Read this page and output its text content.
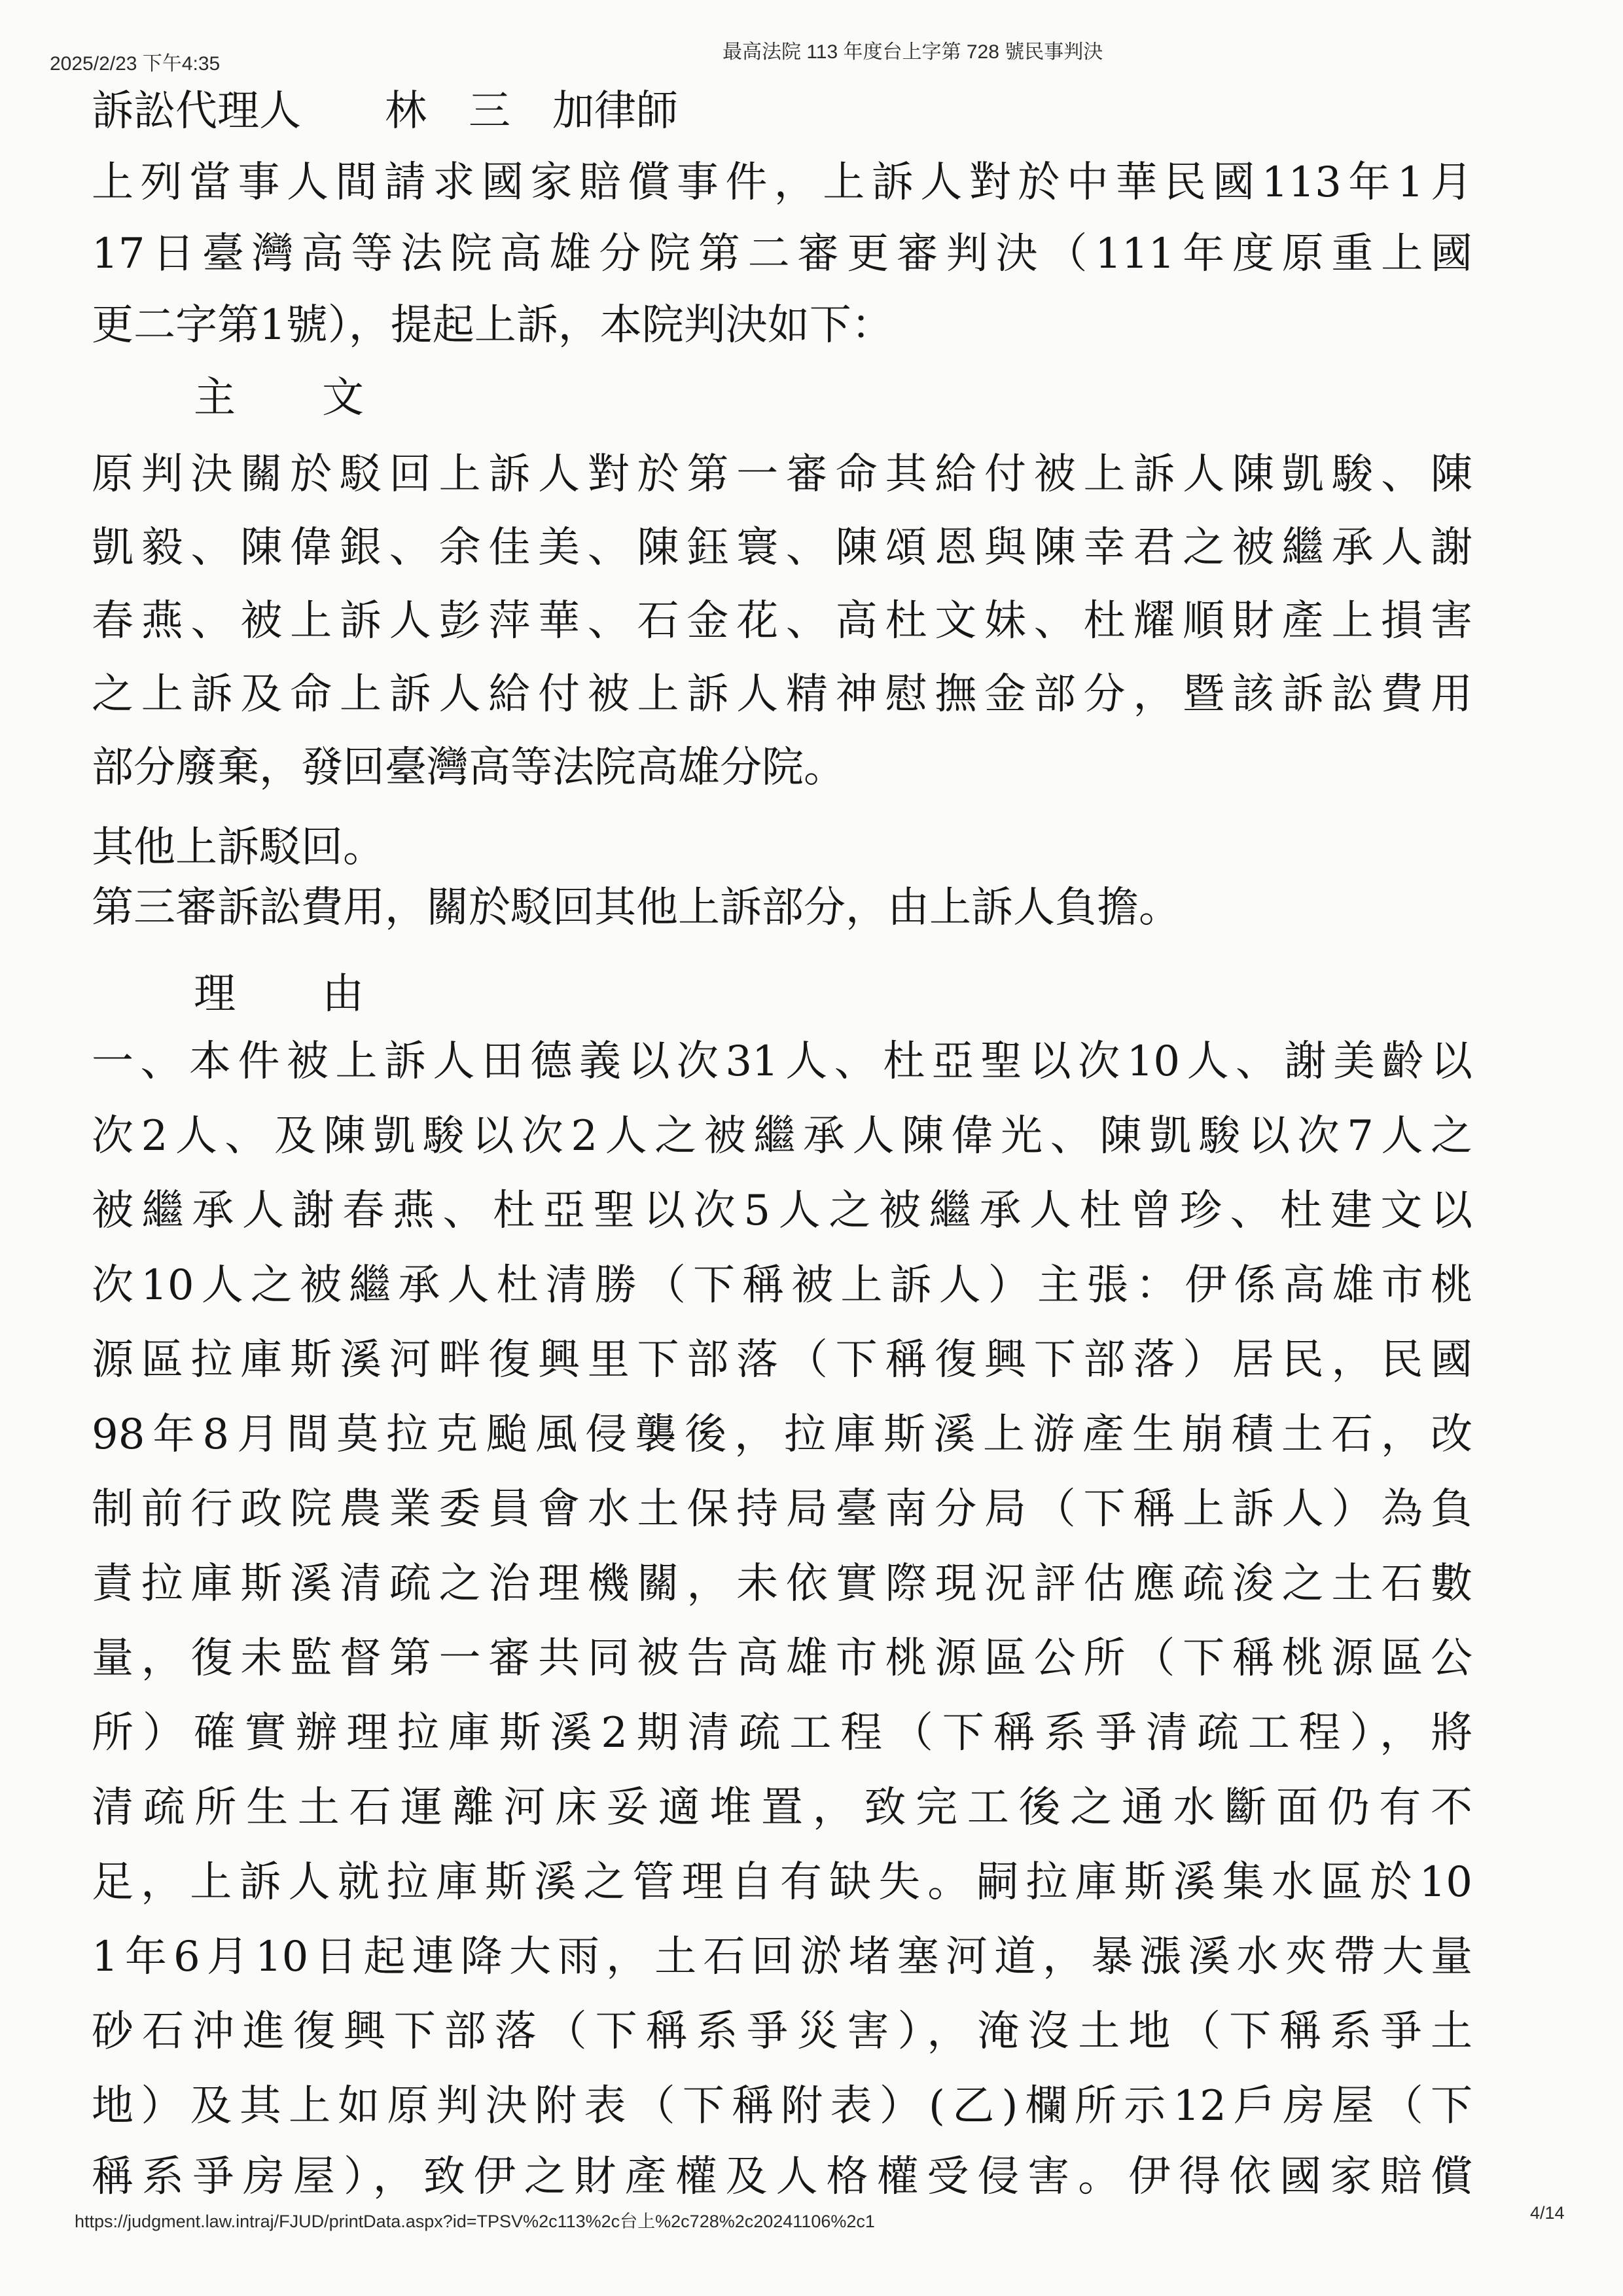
2025/2/23 下午4:35
最高法院 113 年度台上字第 728 號民事判決
訴訟代理人　　林　三　加律師
上列當事人間請求國家賠償事件，上訴人對於中華民國113年1月
17日臺灣高等法院高雄分院第二審更審判決（111年度原重上國
更二字第1號），提起上訴，本院判決如下：
主　文
原判決關於駁回上訴人對於第一審命其給付被上訴人陳凱駿、陳
凱毅、陳偉銀、余佳美、陳鈺寰、陳頌恩與陳幸君之被繼承人謝
春燕、被上訴人彭萍華、石金花、高杜文妹、杜耀順財產上損害
之上訴及命上訴人給付被上訴人精神慰撫金部分，暨該訴訟費用
部分廢棄，發回臺灣高等法院高雄分院。
其他上訴駁回。
第三審訴訟費用，關於駁回其他上訴部分，由上訴人負擔。
理　由
一、本件被上訴人田德義以次31人、杜亞聖以次10人、謝美齡以
次2人、及陳凱駿以次2人之被繼承人陳偉光、陳凱駿以次7人之
被繼承人謝春燕、杜亞聖以次5人之被繼承人杜曾珍、杜建文以
次10人之被繼承人杜清勝（下稱被上訴人）主張：伊係高雄市桃
源區拉庫斯溪河畔復興里下部落（下稱復興下部落）居民，民國
98年8月間莫拉克颱風侵襲後，拉庫斯溪上游產生崩積土石，改
制前行政院農業委員會水土保持局臺南分局（下稱上訴人）為負
責拉庫斯溪清疏之治理機關，未依實際現況評估應疏浚之土石數
量，復未監督第一審共同被告高雄市桃源區公所（下稱桃源區公
所）確實辦理拉庫斯溪2期清疏工程（下稱系爭清疏工程），將
清疏所生土石運離河床妥適堆置，致完工後之通水斷面仍有不
足，上訴人就拉庫斯溪之管理自有缺失。嗣拉庫斯溪集水區於10
1年6月10日起連降大雨，土石回淤堵塞河道，暴漲溪水夾帶大量
砂石沖進復興下部落（下稱系爭災害），淹沒土地（下稱系爭土
地）及其上如原判決附表（下稱附表）(乙)欄所示12戶房屋（下
稱系爭房屋），致伊之財產權及人格權受侵害。伊得依國家賠償
https://judgment.law.intraj/FJUD/printData.aspx?id=TPSV%2c113%2c台上%2c728%2c20241106%2c1	4/14
